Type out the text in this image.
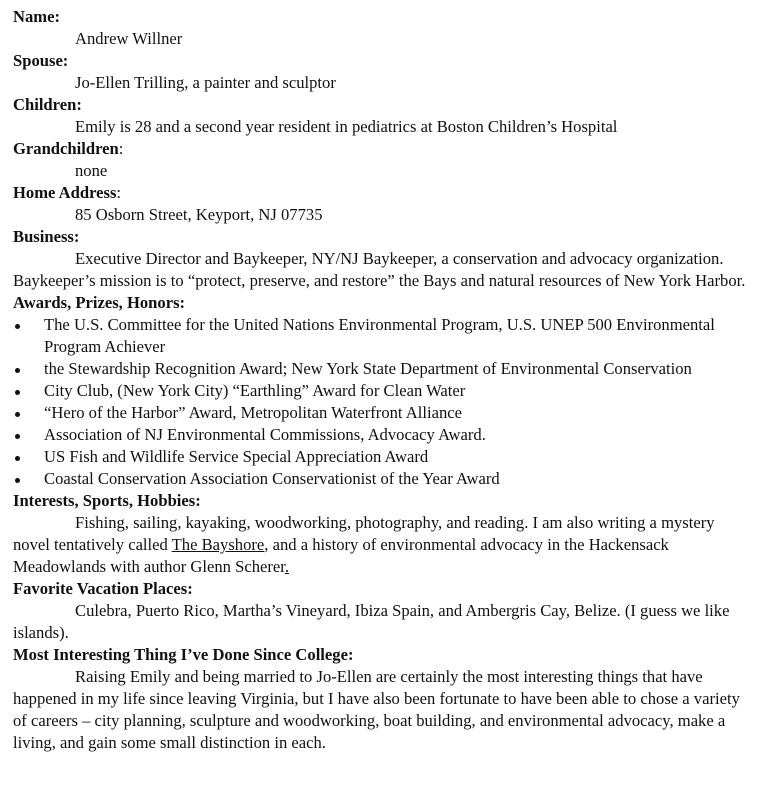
Name:
Andrew Willner
Spouse:
Jo-Ellen Trilling, a painter and sculptor
Children:
Emily is 28 and a second year resident in pediatrics at Boston Children’s Hospital
Grandchildren:
none
Home Address:
85 Osborn Street, Keyport, NJ 07735
Business:
Executive Director and Baykeeper, NY/NJ Baykeeper, a conservation and advocacy organization. Baykeeper’s mission is to “protect, preserve, and restore” the Bays and natural resources of New York Harbor.
Awards, Prizes, Honors:
The U.S. Committee for the United Nations Environmental Program, U.S. UNEP 500 Environmental Program Achiever
the Stewardship Recognition Award; New York State Department of Environmental Conservation
City Club, (New York City) “Earthling” Award for Clean Water
“Hero of the Harbor” Award, Metropolitan Waterfront Alliance
Association of NJ Environmental Commissions, Advocacy Award.
US Fish and Wildlife Service Special Appreciation Award
Coastal Conservation Association Conservationist of the Year Award
Interests, Sports, Hobbies:
Fishing, sailing, kayaking, woodworking, photography, and reading. I am also writing a mystery novel tentatively called The Bayshore, and a history of environmental advocacy in the Hackensack Meadowlands with author Glenn Scherer.
Favorite Vacation Places:
Culebra, Puerto Rico, Martha’s Vineyard, Ibiza Spain, and Ambergris Cay, Belize. (I guess we like islands).
Most Interesting Thing I’ve Done Since College:
Raising Emily and being married to Jo-Ellen are certainly the most interesting things that have happened in my life since leaving Virginia, but I have also been fortunate to have been able to chose a variety of careers – city planning, sculpture and woodworking, boat building, and environmental advocacy, make a living, and gain some small distinction in each.
